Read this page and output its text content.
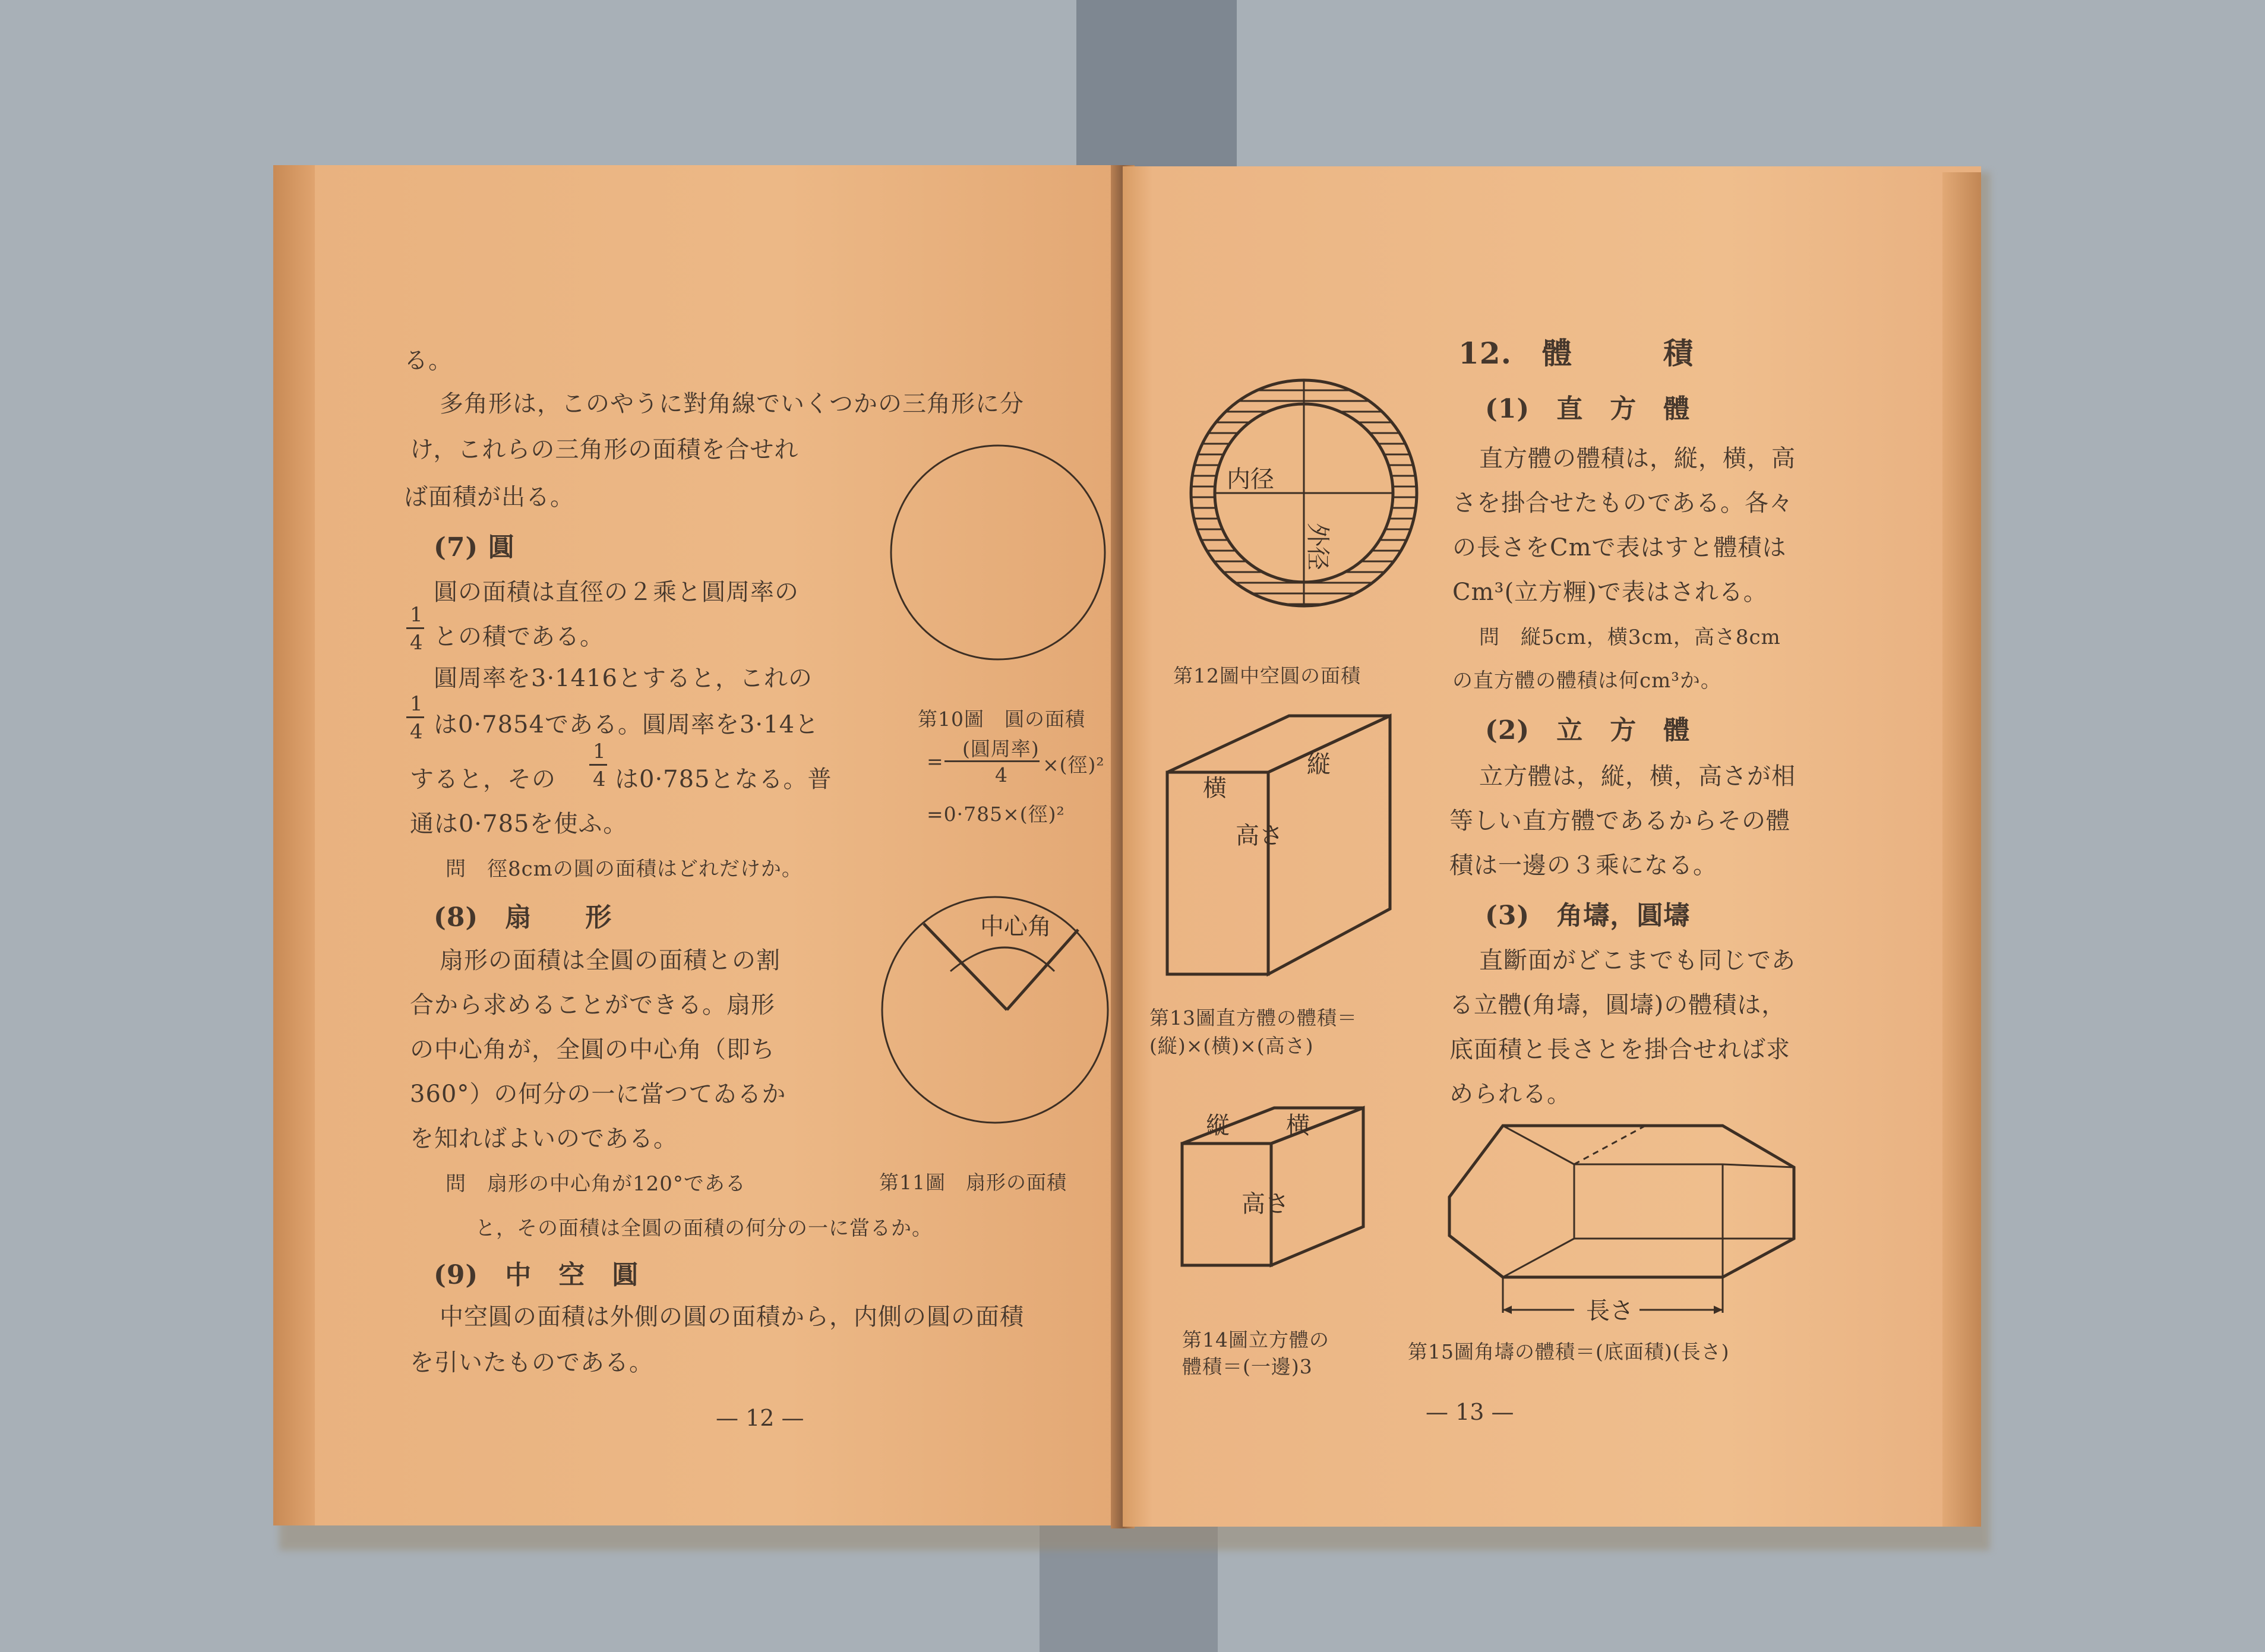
る。
多角形は，このやうに對角線でいくつかの三角形に分
け，これらの三角形の面積を合せれ
ば面積が出る。
(7) 圓
圓の面積は直徑の２乘と圓周率の
1
4 との積である。
圓周率を3·1416とすると，これの
1
4 は0·7854である。圓周率を3·14と
すると，その
1
4 は0·785となる。普
通は0·785を使ふ。
問　徑8cmの圓の面積はどれだけか。
(8)　扇　　形
扇形の面積は全圓の面積との割
合から求めることができる。扇形
の中心角が，全圓の中心角（即ち
360°）の何分の一に當つてゐるか
を知ればよいのである。
問　扇形の中心角が120°である
と，その面積は全圓の面積の何分の一に當るか。
(9)　中　空　圓
中空圓の面積は外側の圓の面積から，内側の圓の面積
を引いたものである。
第10圖　圓の面積
(圓周率)
=
4 ×(徑)²
=0·785×(徑)²
中心角
第11圖　扇形の面積
— 12 —
12.　體　　　積
(1)　直　方　體
直方體の體積は，縦，横，高
さを掛合せたものである。各々
の長さをCmで表はすと體積は
Cm³(立方糎)で表はされる。
問　縦5cm，横3cm，高さ8cm
の直方體の體積は何cm³か。
(2)　立　方　體
立方體は，縦，横，高さが相
等しい直方體であるからその體
積は一邊の３乘になる。
(3)　角壔，圓壔
直斷面がどこまでも同じであ
る立體(角壔，圓壔)の體積は，
底面積と長さとを掛合せれば求
められる。
内径
外径
第12圖中空圓の面積
横
縦
高さ
第13圖直方體の體積＝
(縦)×(横)×(高さ)
縦 横
高さ
第14圖立方體の
體積＝(一邊)3
長さ
第15圖角壔の體積＝(底面積)(長さ)
— 13 —
